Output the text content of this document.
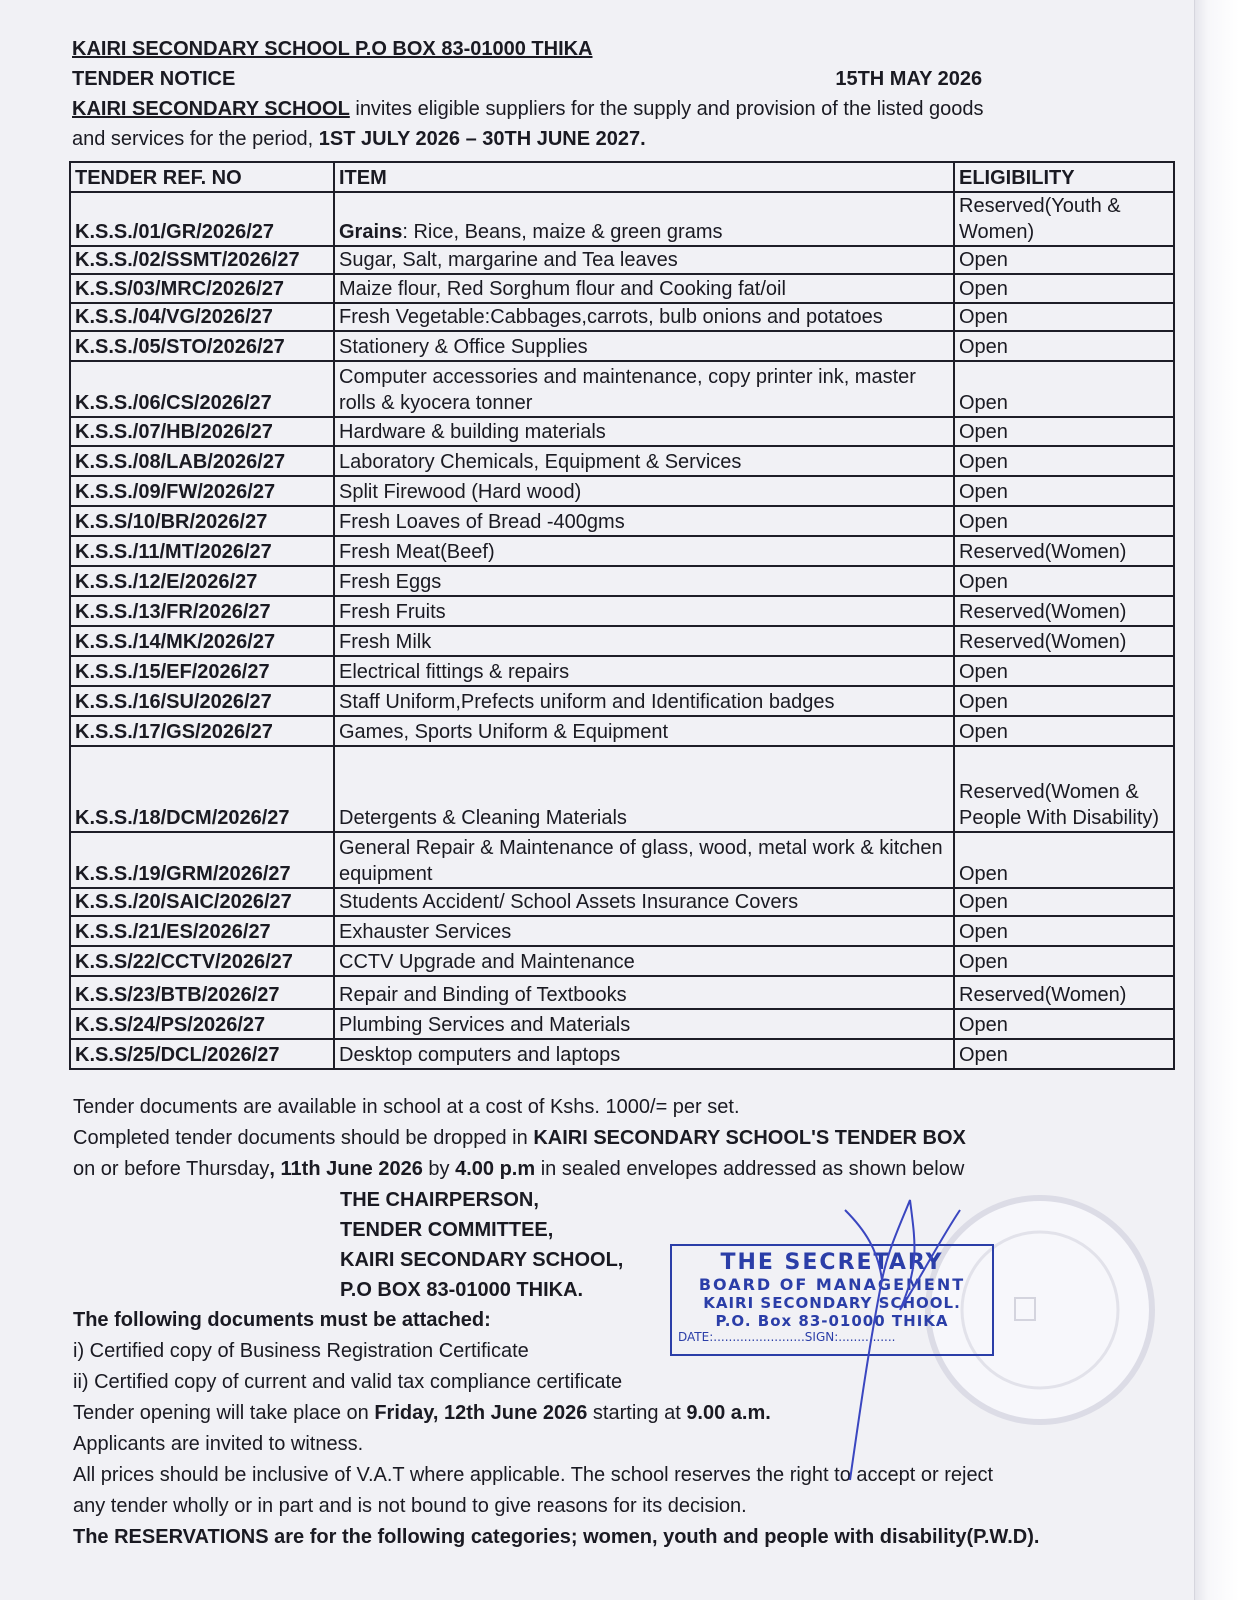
KAIRI SECONDARY SCHOOL P.O BOX 83-01000 THIKA
TENDER NOTICE	15TH MAY 2026
KAIRI SECONDARY SCHOOL invites eligible suppliers for the supply and provision of the listed goods
and services for the period, 1ST JULY 2026 – 30TH JUNE 2027.
TENDER REF. NO	ITEM	ELIGIBILITY
K.S.S./01/GR/2026/27	Grains: Rice, Beans, maize & green grams	Reserved(Youth & Women)
K.S.S./02/SSMT/2026/27	Sugar, Salt, margarine and Tea leaves	Open
K.S.S/03/MRC/2026/27	Maize flour, Red Sorghum flour and Cooking fat/oil	Open
K.S.S./04/VG/2026/27	Fresh Vegetable:Cabbages,carrots, bulb onions and potatoes	Open
K.S.S./05/STO/2026/27	Stationery & Office Supplies	Open
K.S.S./06/CS/2026/27	Computer accessories and maintenance, copy printer ink, master rolls & kyocera tonner	Open
K.S.S./07/HB/2026/27	Hardware & building materials	Open
K.S.S./08/LAB/2026/27	Laboratory Chemicals, Equipment & Services	Open
K.S.S./09/FW/2026/27	Split Firewood (Hard wood)	Open
K.S.S/10/BR/2026/27	Fresh Loaves of Bread -400gms	Open
K.S.S./11/MT/2026/27	Fresh Meat(Beef)	Reserved(Women)
K.S.S./12/E/2026/27	Fresh Eggs	Open
K.S.S./13/FR/2026/27	Fresh Fruits	Reserved(Women)
K.S.S./14/MK/2026/27	Fresh Milk	Reserved(Women)
K.S.S./15/EF/2026/27	Electrical fittings & repairs	Open
K.S.S./16/SU/2026/27	Staff Uniform,Prefects uniform and Identification badges	Open
K.S.S./17/GS/2026/27	Games, Sports Uniform & Equipment	Open
K.S.S./18/DCM/2026/27	Detergents & Cleaning Materials	Reserved(Women & People With Disability)
K.S.S./19/GRM/2026/27	General Repair & Maintenance of glass, wood, metal work & kitchen equipment	Open
K.S.S./20/SAIC/2026/27	Students Accident/ School Assets Insurance Covers	Open
K.S.S./21/ES/2026/27	Exhauster Services	Open
K.S.S/22/CCTV/2026/27	CCTV Upgrade and Maintenance	Open
K.S.S/23/BTB/2026/27	Repair and Binding of Textbooks	Reserved(Women)
K.S.S/24/PS/2026/27	Plumbing Services and Materials	Open
K.S.S/25/DCL/2026/27	Desktop computers and laptops	Open
Tender documents are available in school at a cost of Kshs. 1000/= per set.
Completed tender documents should be dropped in KAIRI SECONDARY SCHOOL'S TENDER BOX
on or before Thursday, 11th June 2026 by 4.00 p.m in sealed envelopes addressed as shown below
THE CHAIRPERSON,
TENDER COMMITTEE,
KAIRI SECONDARY SCHOOL,
P.O BOX 83-01000 THIKA.
The following documents must be attached:
i) Certified copy of Business Registration Certificate
ii) Certified copy of current and valid tax compliance certificate
Tender opening will take place on Friday, 12th June 2026 starting at 9.00 a.m.
Applicants are invited to witness.
All prices should be inclusive of V.A.T where applicable. The school reserves the right to accept or reject
any tender wholly or in part and is not bound to give reasons for its decision.
The RESERVATIONS are for the following categories; women, youth and people with disability(P.W.D).
THE SECRETARY
BOARD OF MANAGEMENT
KAIRI SECONDARY SCHOOL.
P.O. Box 83-01000 THIKA
DATE:........................SIGN:...............
